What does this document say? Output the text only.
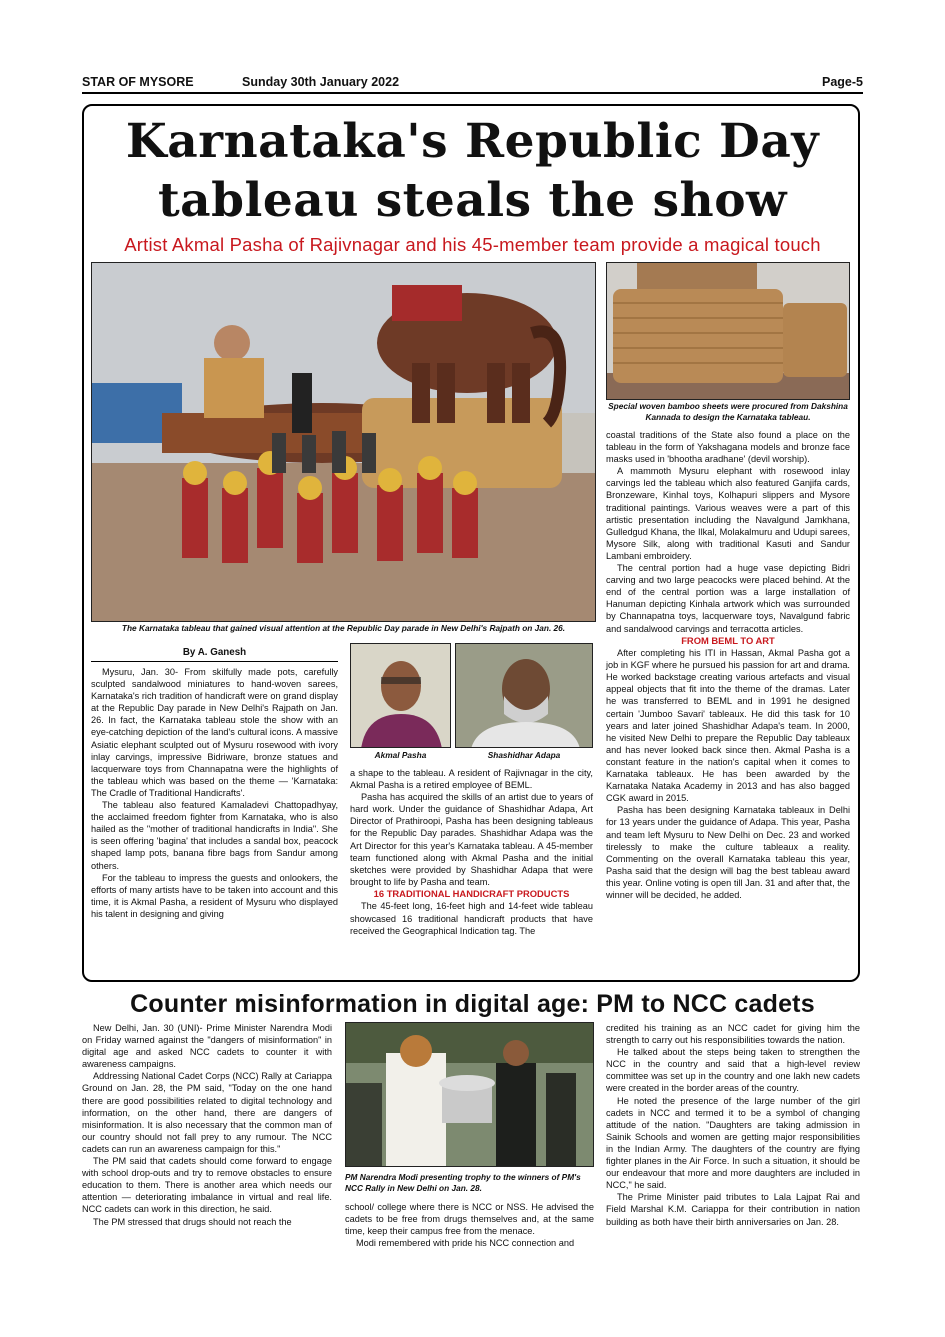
STAR OF MYSORE	Sunday 30th January 2022	Page-5
Karnataka's Republic Day
tableau steals the show
Artist Akmal Pasha of Rajivnagar and his 45-member team provide a magical touch
The Karnataka tableau that gained visual attention at the Republic Day parade in New Delhi's Rajpath on Jan. 26.
Special woven bamboo sheets were procured from Dakshina Kannada to design the Karnataka tableau.
By A. Ganesh

Mysuru, Jan. 30- From skilfully made pots, carefully sculpted sandalwood miniatures to hand-woven sarees, Karnataka's rich tradition of handicraft were on grand display at the Republic Day parade in New Delhi's Rajpath on Jan. 26. In fact, the Karnataka tableau stole the show with an eye-catching depiction of the land's cultural icons. A massive Asiatic elephant sculpted out of Mysuru rosewood with ivory inlay carvings, impressive Bidriware, bronze statues and lacquerware toys from Channapatna were the highlights of the tableau which was based on the theme — 'Karnataka: The Cradle of Traditional Handicrafts'.

The tableau also featured Kamaladevi Chattopadhyay, the acclaimed freedom fighter from Karnataka, who is also hailed as the "mother of traditional handicrafts in India". She is seen offering 'bagina' that includes a sandal box, peacock shaped lamp pots, banana fibre bags from Sandur among others.

For the tableau to impress the guests and onlookers, the efforts of many artists have to be taken into account and this time, it is Akmal Pasha, a resident of Mysuru who displayed his talent in designing and giving

Akmal Pasha	Shashidhar Adapa

a shape to the tableau. A resident of Rajivnagar in the city, Akmal Pasha is a retired employee of BEML.

Pasha has acquired the skills of an artist due to years of hard work. Under the guidance of Shashidhar Adapa, Art Director of Prathiroopi, Pasha has been designing tableaus for the Republic Day parades. Shashidhar Adapa was the Art Director for this year's Karnataka tableau. A 45-member team functioned along with Akmal Pasha and the initial sketches were provided by Shashidhar Adapa that were brought to life by Pasha and team.

16 TRADITIONAL HANDICRAFT PRODUCTS

The 45-feet long, 16-feet high and 14-feet wide tableau showcased 16 traditional handicraft products that have received the Geographical Indication tag. The

coastal traditions of the State also found a place on the tableau in the form of Yakshagana models and bronze face masks used in 'bhootha aradhane' (devil worship).

A mammoth Mysuru elephant with rosewood inlay carvings led the tableau which also featured Ganjifa cards, Bronzeware, Kinhal toys, Kolhapuri slippers and Mysore traditional paintings. Various weaves were a part of this artistic presentation including the Navalgund Jamkhana, Gulledgud Khana, the Ilkal, Molakalmuru and Udupi sarees, Mysore Silk, along with traditional Kasuti and Sandur Lambani embroidery.

The central portion had a huge vase depicting Bidri carving and two large peacocks were placed behind. At the end of the central portion was a large installation of Hanuman depicting Kinhala artwork which was surrounded by Channapatna toys, lacquerware toys, Navalgund fabric and sandalwood carvings and terracotta articles.

FROM BEML TO ART

After completing his ITI in Hassan, Akmal Pasha got a job in KGF where he pursued his passion for art and drama. He worked backstage creating various artefacts and visual appeal objects that fit into the theme of the dramas. Later he was transferred to BEML and in 1991 he designed certain 'Jumboo Savari' tableaux. He did this task for 10 years and later joined Shashidhar Adapa's team. In 2000, he visited New Delhi to prepare the Republic Day tableaux and has never looked back since then. Akmal Pasha is a constant feature in the nation's capital when it comes to Karnataka tableaux. He has been awarded by the Karnataka Nataka Academy in 2013 and has also bagged CGK award in 2015.

Pasha has been designing Karnataka tableaux in Delhi for 13 years under the guidance of Adapa. This year, Pasha and team left Mysuru to New Delhi on Dec. 23 and worked tirelessly to make the culture tableaux a reality. Commenting on the overall Karnataka tableau this year, Pasha said that the design will bag the best tableau award this year. Online voting is open till Jan. 31 and after that, the winner will be decided, he added.

Counter misinformation in digital age: PM to NCC cadets

New Delhi, Jan. 30 (UNI)- Prime Minister Narendra Modi on Friday warned against the "dangers of misinformation" in digital age and asked NCC cadets to counter it with awareness campaigns.

Addressing National Cadet Corps (NCC) Rally at Cariappa Ground on Jan. 28, the PM said, "Today on the one hand there are good possibilities related to digital technology and information, on the other hand, there are dangers of misinformation. It is also necessary that the common man of our country should not fall prey to any rumour. The NCC cadets can run an awareness campaign for this."

The PM said that cadets should come forward to engage with school drop-outs and try to remove obstacles to ensure education to them. There is another area which needs our attention — deteriorating imbalance in virtual and real life. NCC cadets can work in this direction, he said.

The PM stressed that drugs should not reach the

PM Narendra Modi presenting trophy to the winners of PM's NCC Rally in New Delhi on Jan. 28.

school/ college where there is NCC or NSS. He advised the cadets to be free from drugs themselves and, at the same time, keep their campus free from the menace.

Modi remembered with pride his NCC connection and

credited his training as an NCC cadet for giving him the strength to carry out his responsibilities towards the nation.

He talked about the steps being taken to strengthen the NCC in the country and said that a high-level review committee was set up in the country and one lakh new cadets were created in the border areas of the country.

He noted the presence of the large number of the girl cadets in NCC and termed it to be a symbol of changing attitude of the nation. "Daughters are taking admission in Sainik Schools and women are getting major responsibilities in the Indian Army. The daughters of the country are flying fighter planes in the Air Force. In such a situation, it should be our endeavour that more and more daughters are included in NCC," he said.

The Prime Minister paid tributes to Lala Lajpat Rai and Field Marshal K.M. Cariappa for their contribution in nation building as both have their birth anniversaries on Jan. 28.
